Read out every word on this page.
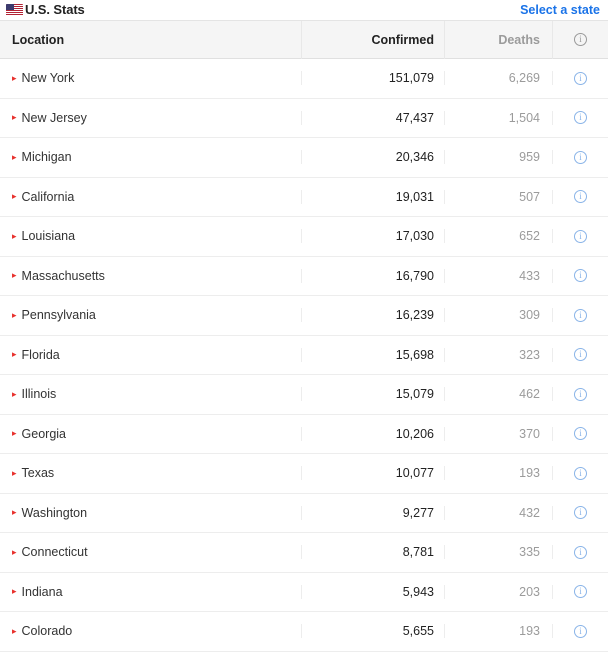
U.S. Stats	Select a state
Location	Confirmed	Deaths	i
▸ New York	151,079	6,269	i
▸ New Jersey	47,437	1,504	i
▸ Michigan	20,346	959	i
▸ California	19,031	507	i
▸ Louisiana	17,030	652	i
▸ Massachusetts	16,790	433	i
▸ Pennsylvania	16,239	309	i
▸ Florida	15,698	323	i
▸ Illinois	15,079	462	i
▸ Georgia	10,206	370	i
▸ Texas	10,077	193	i
▸ Washington	9,277	432	i
▸ Connecticut	8,781	335	i
▸ Indiana	5,943	203	i
▸ Colorado	5,655	193	i
